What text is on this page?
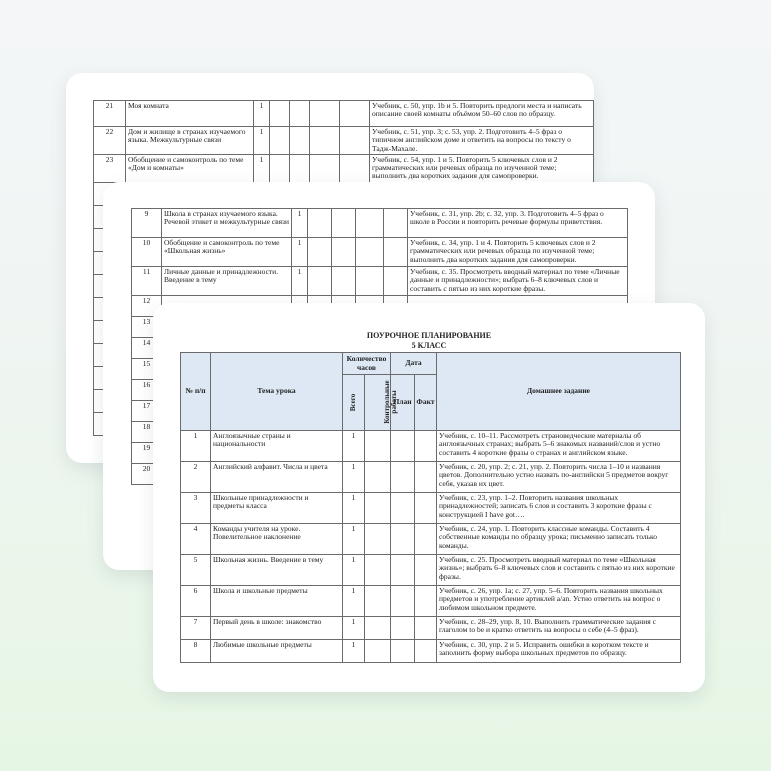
21	Моя комната	1					Учебник, с. 50, упр. 1b и 5. Повторить предлоги места и написать описание своей комнаты объёмом 50–60 слов по образцу.
22	Дом и жилище в странах изучаемого языка. Межкультурные связи	1					Учебник, с. 51, упр. 3; с. 53, упр. 2. Подготовить 4–5 фраз о типичном английском доме и ответить на вопросы по тексту о Тадж-Махале.
23	Обобщение и самоконтроль по теме «Дом и комнаты»	1					Учебник, с. 54, упр. 1 и 5. Повторить 5 ключевых слов и 2 грамматических или речевых образца по изученной теме; выполнить два коротких задания для самопроверки.

9	Школа в странах изучаемого языка. Речевой этикет и межкультурные связи	1					Учебник, с. 31, упр. 2b; с. 32, упр. 3. Подготовить 4–5 фраз о школе в России и повторить речевые формулы приветствия.
10	Обобщение и самоконтроль по теме «Школьная жизнь»	1					Учебник, с. 34, упр. 1 и 4. Повторить 5 ключевых слов и 2 грамматических или речевых образца по изученной теме; выполнить два коротких задания для самопроверки.
11	Личные данные и принадлежности. Введение в тему	1					Учебник, с. 35. Просмотреть вводный материал по теме «Личные данные и принадлежности»; выбрать 6–8 ключевых слов и составить с пятью из них короткие фразы.
12							
13							
14							
15							
16							
17							
18							
19							
20							
ПОУРОЧНОЕ ПЛАНИРОВАНИЕ
5 КЛАСС
№ п/п	Тема урока	Количество часов		Дата		Домашнее задание
		Всего	Контрольные работы	План	Факт	
1	Англоязычные страны и национальности	1				Учебник, с. 10–11. Рассмотреть страноведческие материалы об англоязычных странах; выбрать 5–6 знакомых названий/слов и устно составить 4 короткие фразы о странах и английском языке.
2	Английский алфавит. Числа и цвета	1				Учебник, с. 20, упр. 2; с. 21, упр. 2. Повторить числа 1–10 и названия цветов. Дополнительно устно назвать по-английски 5 предметов вокруг себя, указав их цвет.
3	Школьные принадлежности и предметы класса	1				Учебник, с. 23, упр. 1–2. Повторить названия школьных принадлежностей; записать 6 слов и составить 3 короткие фразы с конструкцией I have got….
4	Команды учителя на уроке. Повелительное наклонение	1				Учебник, с. 24, упр. 1. Повторить классные команды. Составить 4 собственные команды по образцу урока; письменно записать только команды.
5	Школьная жизнь. Введение в тему	1				Учебник, с. 25. Просмотреть вводный материал по теме «Школьная жизнь»; выбрать 6–8 ключевых слов и составить с пятью из них короткие фразы.
6	Школа и школьные предметы	1				Учебник, с. 26, упр. 1а; с. 27, упр. 5–6. Повторить названия школьных предметов и употребление артиклей a/an. Устно ответить на вопрос о любимом школьном предмете.
7	Первый день в школе: знакомство	1				Учебник, с. 28–29, упр. 8, 10. Выполнить грамматические задания с глаголом to be и кратко ответить на вопросы о себе (4–5 фраз).
8	Любимые школьные предметы	1				Учебник, с. 30, упр. 2 и 5. Исправить ошибки в коротком тексте и заполнить форму выбора школьных предметов по образцу.
